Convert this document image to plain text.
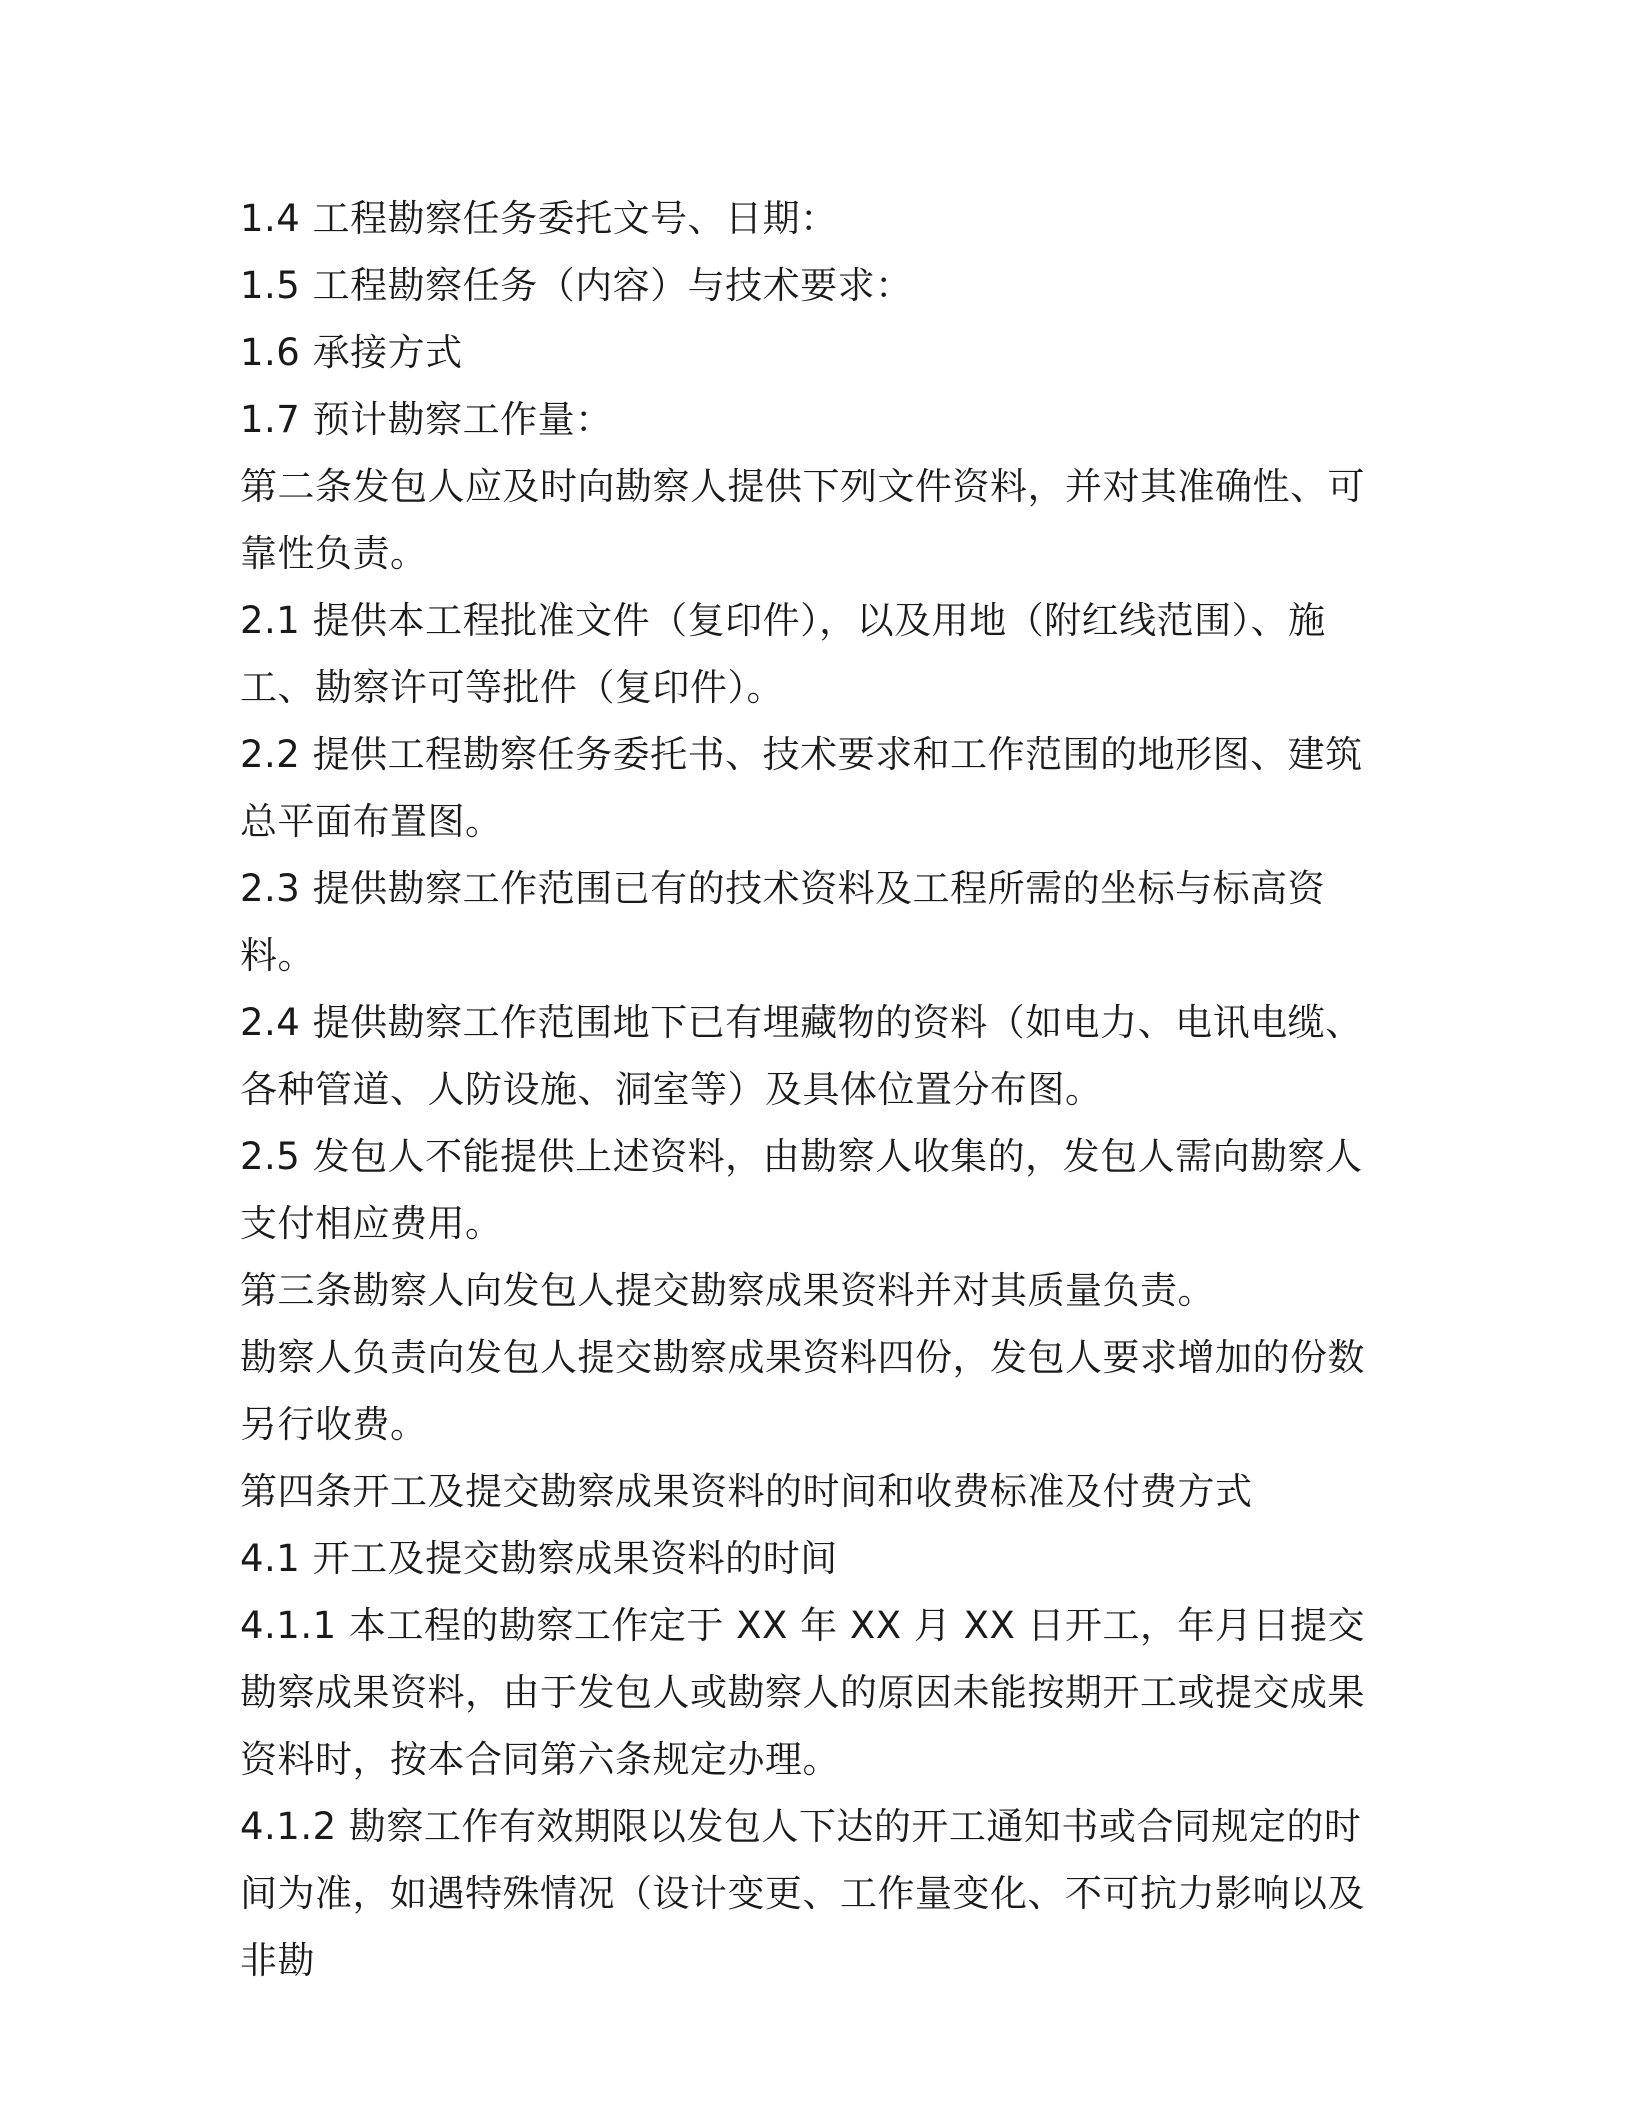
1.4 工程勘察任务委托文号、日期：

1.5 工程勘察任务（内容）与技术要求：

1.6 承接方式

1.7 预计勘察工作量：

第二条发包人应及时向勘察人提供下列文件资料，并对其准确性、可靠性负责。

2.1 提供本工程批准文件（复印件），以及用地（附红线范围）、施工、勘察许可等批件（复印件）。

2.2 提供工程勘察任务委托书、技术要求和工作范围的地形图、建筑总平面布置图。

2.3 提供勘察工作范围已有的技术资料及工程所需的坐标与标高资料。

2.4 提供勘察工作范围地下已有埋藏物的资料（如电力、电讯电缆、各种管道、人防设施、洞室等）及具体位置分布图。

2.5 发包人不能提供上述资料，由勘察人收集的，发包人需向勘察人支付相应费用。

第三条勘察人向发包人提交勘察成果资料并对其质量负责。

勘察人负责向发包人提交勘察成果资料四份，发包人要求增加的份数另行收费。

第四条开工及提交勘察成果资料的时间和收费标准及付费方式

4.1 开工及提交勘察成果资料的时间

4.1.1 本工程的勘察工作定于 XX 年 XX 月 XX 日开工，年月日提交勘察成果资料，由于发包人或勘察人的原因未能按期开工或提交成果资料时，按本合同第六条规定办理。

4.1.2 勘察工作有效期限以发包人下达的开工通知书或合同规定的时间为准，如遇特殊情况（设计变更、工作量变化、不可抗力影响以及非勘
